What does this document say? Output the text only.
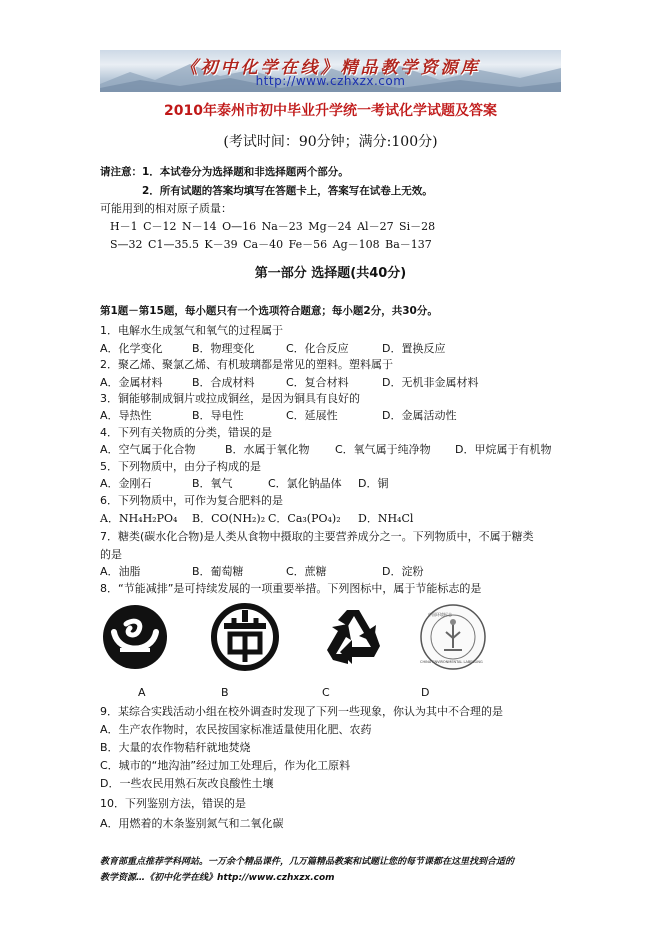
《初中化学在线》精品教学资源库
http://www.czhxzx.com
2010年泰州市初中毕业升学统一考试化学试题及答案
(考试时间：90分钟；满分:100分)
请注意：1．本试卷分为选择题和非选择题两个部分。
2．所有试题的答案均填写在答题卡上，答案写在试卷上无效。
可能用到的相对原子质量：
H－1 C－12 N－14 O—16 Na－23 Mg－24 Al－27 Si－28
S—32 C1—35.5 K－39 Ca－40 Fe－56 Ag－108 Ba－137
第一部分 选择题(共40分)
第1题－第15题，每小题只有一个选项符合题意；每小题2分，共30分。
1．电解水生成氢气和氧气的过程属于
A．化学变化	B．物理变化	C．化合反应	D．置换反应
2．聚乙烯、聚氯乙烯、有机玻璃都是常见的塑料。塑料属于
A．金属材料	B．合成材料	C．复合材料	D．无机非金属材料
3．铜能够制成铜片或拉成铜丝，是因为铜具有良好的
A．导热性	B．导电性	C．延展性	D．金属活动性
4．下列有关物质的分类，错误的是
A．空气属于化合物	B．水属于氧化物 C．氧气属于纯净物 D．甲烷属于有机物
5．下列物质中，由分子构成的是
A．金刚石	B．氧气	C．氯化钠晶体 D．铜
6．下列物质中，可作为复合肥料的是
A．NH₄H₂PO₄ B．CO(NH₂)₂ C．Ca₃(PO₄)₂ D．NH₄Cl
7．糖类(碳水化合物)是人类从食物中摄取的主要营养成分之一。下列物质中，不属于糖类
的是
A．油脂	B．葡萄糖	C．蔗糖	D．淀粉
8．“节能减排”是可持续发展的一项重要举措。下列图标中，属于节能标志的是
中国环境标志
CHINA ENVIRONMENTAL LABELLING
A	B	C	D
9．某综合实践活动小组在校外调查时发现了下列一些现象，你认为其中不合理的是
A．生产农作物时，农民按国家标准适量使用化肥、农药
B．大量的农作物秸秆就地焚烧
C．城市的“地沟油”经过加工处理后，作为化工原料
D．一些农民用熟石灰改良酸性土壤
10．下列鉴别方法，错误的是
A．用燃着的木条鉴别氮气和二氧化碳
教育部重点推荐学科网站。一万余个精品课件，几万篇精品教案和试题让您的每节课都在这里找到合适的
教学资源…《初中化学在线》http://www.czhxzx.com
